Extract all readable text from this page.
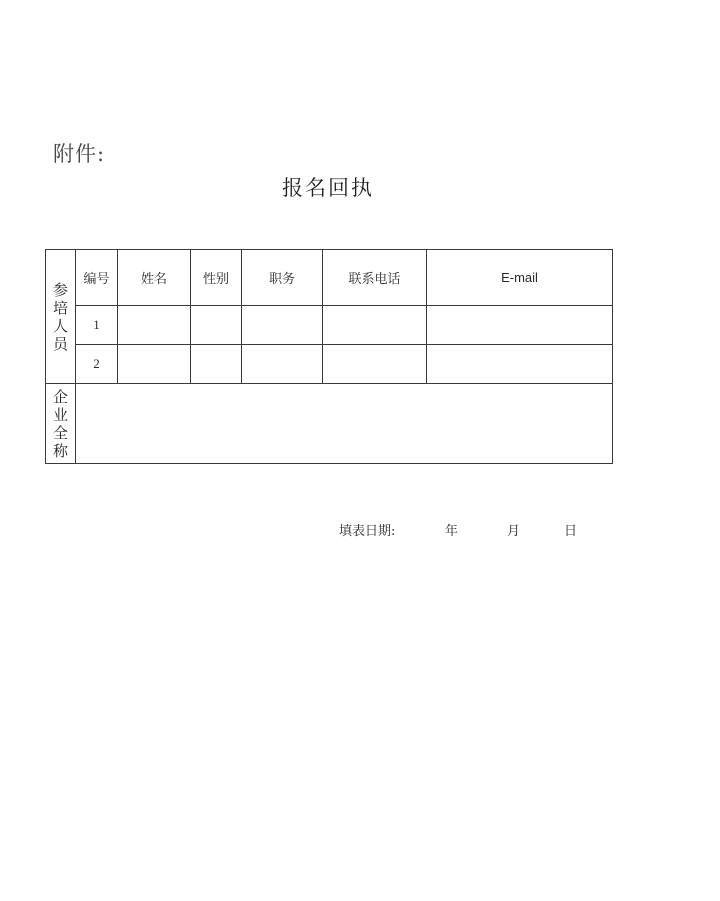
附件:
报名回执
参
培
人
员	编号	姓名	性别	职务	联系电话	E-mail
	1					
	2					

企
业
全
称						

填表日期:	年	月	日
